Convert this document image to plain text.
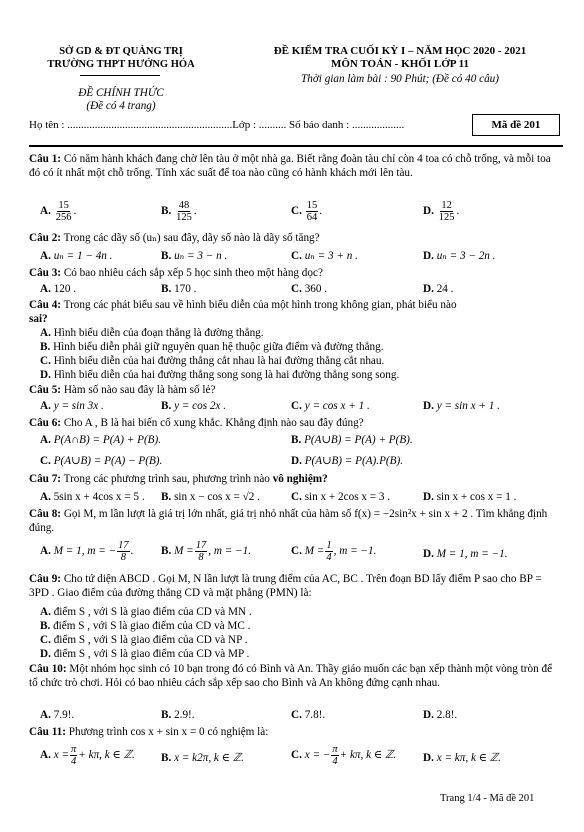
SỞ GD & ĐT QUẢNG TRỊ
TRƯỜNG THPT HƯỚNG HÓA
ĐỀ CHÍNH THỨC
(Đề có 4 trang)
ĐỀ KIỂM TRA CUỐI KỲ I – NĂM HỌC 2020 - 2021
MÔN TOÁN - KHỐI LỚP 11
Thời gian làm bài : 90 Phút; (Đề có 40 câu)
Họ tên : ............................................................Lớp : .......... Số báo danh : ...................	Mã đề 201
Câu 1: Có năm hành khách đang chờ lên tàu ở một nhà ga. Biết rằng đoàn tàu chỉ còn 4 toa có chỗ trống, và mỗi toa đó có ít nhất một chỗ trống. Tính xác suất để toa nào cũng có hành khách mới lên tàu.
A. $\frac{15}{256}$ .	B. $\frac{48}{125}$ .	C. $\frac{15}{64}$ .	D. $\frac{12}{125}$ .
Câu 2: Trong các dãy số (uₙ) sau đây, dãy số nào là dãy số tăng?
A. uₙ = 1 − 4n .	B. uₙ = 3 − n .	C. uₙ = 3 + n .	D. uₙ = 3 − 2n .
Câu 3: Có bao nhiêu cách sắp xếp 5 học sinh theo một hàng dọc?
A. 120 .	B. 170 .	C. 360 .	D. 24 .
Câu 4: Trong các phát biểu sau về hình biểu diễn của một hình trong không gian, phát biểu nào
sai?
A. Hình biểu diễn của đoạn thẳng là đường thẳng.
B. Hình biểu diễn phải giữ nguyên quan hệ thuộc giữa điểm và đường thẳng.
C. Hình biểu diễn của hai đường thẳng cắt nhau là hai đường thẳng cắt nhau.
D. Hình biểu diễn của hai đường thẳng song song là hai đường thẳng song song.
Câu 5: Hàm số nào sau đây là hàm số lẻ?
A. y = sin 3x .	B. y = cos 2x .	C. y = cos x + 1 .	D. y = sin x + 1 .
Câu 6: Cho A , B là hai biến cố xung khắc. Khẳng định nào sau đây đúng?
A. P(A∩B) = P(A) + P(B).	B. P(A∪B) = P(A) + P(B).
C. P(A∪B) = P(A) − P(B).	D. P(A∪B) = P(A).P(B).
Câu 7: Trong các phương trình sau, phương trình nào vô nghiệm?
A. 5sin x + 4cos x = 5 . B. sin x − cos x = √2 .	C. sin x + 2cos x = 3 .	D. sin x + cos x = 1 .
Câu 8: Gọi M, m lần lượt là giá trị lớn nhất, giá trị nhỏ nhất của hàm số f(x) = −2sin²x + sin x + 2 . Tìm khẳng định đúng.
A. M = 1, m = − $\frac{17}{8}$ . B. $M = \frac{17}{8}$ , m = −1.	C. $M = \frac{1}{4}$ , m = −1.	D. M = 1, m = −1.
Câu 9: Cho tứ diện ABCD . Gọi M, N lần lượt là trung điểm của AC, BC . Trên đoạn BD lấy điểm P sao cho BP = 3PD . Giao điểm của đường thẳng CD và mặt phẳng (PMN) là:
A. điểm S , với S là giao điểm của CD và MN .
B. điểm S , với S là giao điểm của CD và MC .
C. điểm S , với S là giao điểm của CD và NP .
D. điểm S , với S là giao điểm của CD và MP .
Câu 10: Một nhóm học sinh có 10 bạn trong đó có Bình và An. Thầy giáo muốn các bạn xếp thành một vòng tròn để tổ chức trò chơi. Hỏi có bao nhiêu cách sắp xếp sao cho Bình và An không đứng cạnh nhau.
A. 7.9!.	B. 2.9!.	C. 7.8!.	D. 2.8!.
Câu 11: Phương trình cos x + sin x = 0 có nghiệm là:
A. $x = \frac{\pi}{4} + k\pi$, k ∈ ℤ. B. x = k2π, k ∈ ℤ.	C. x = − $\frac{\pi}{4} + k\pi$, k ∈ ℤ. D. x = kπ, k ∈ ℤ.
Trang 1/4 - Mã đề 201
